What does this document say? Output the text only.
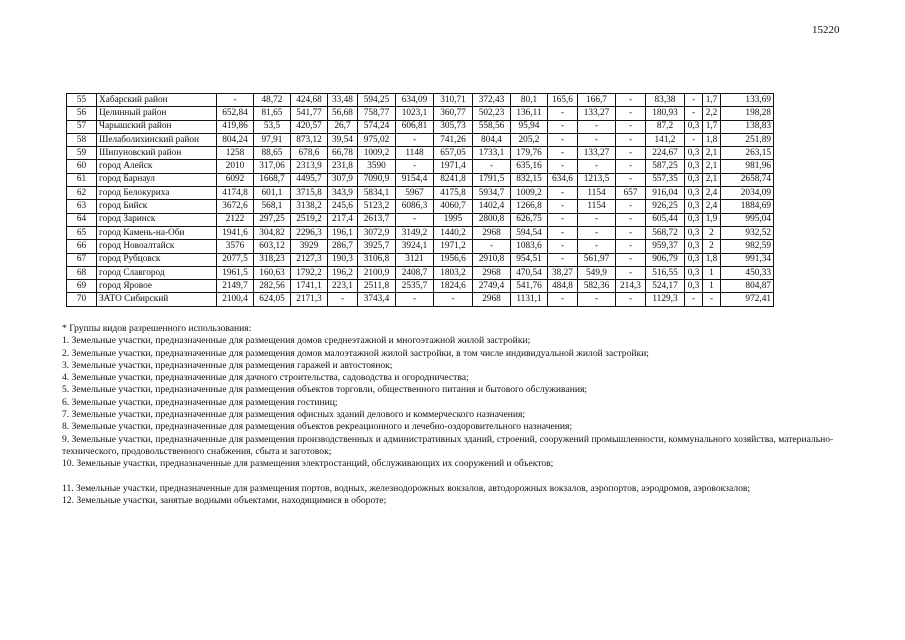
15220
55	Хабарский район	-	48,72	424,68	33,48	594,25	634,09	310,71	372,43	80,1	165,6	166,7	-	83,38	-	1,7	133,69
56	Целинный район	652,84	81,65	541,77	56,68	758,77	1023,1	360,77	502,23	136,11	-	133,27	-	180,93	-	2,2	198,28
57	Чарышский район	419,86	53,5	420,57	26,7	574,24	606,81	305,73	558,56	95,94	-	-	-	87,2	0,3	1,7	138,83
58	Шелаболихинский район	804,24	97,91	873,12	39,54	975,02	-	741,26	804,4	205,2	-	-	-	141,2	-	1,8	251,89
59	Шипуновский район	1258	88,65	678,6	66,78	1009,2	1148	657,05	1733,1	179,76	-	133,27	-	224,67	0,3	2,1	263,15
60	город Алейск	2010	317,06	2313,9	231,8	3590	-	1971,4	-	635,16	-	-	-	587,25	0,3	2,1	981,96
61	город Барнаул	6092	1668,7	4495,7	307,9	7090,9	9154,4	8241,8	1791,5	832,15	634,6	1213,5	-	557,35	0,3	2,1	2658,74
62	город Белокуриха	4174,8	601,1	3715,8	343,9	5834,1	5967	4175,8	5934,7	1009,2	-	1154	657	916,04	0,3	2,4	2034,09
63	город Бийск	3672,6	568,1	3138,2	245,6	5123,2	6086,3	4060,7	1402,4	1266,8	-	1154	-	926,25	0,3	2,4	1884,69
64	город Заринск	2122	297,25	2519,2	217,4	2613,7	-	1995	2800,8	626,75	-	-	-	605,44	0,3	1,9	995,04
65	город Камень-на-Оби	1941,6	304,82	2296,3	196,1	3072,9	3149,2	1440,2	2968	594,54	-	-	-	568,72	0,3	2	932,52
66	город Новоалтайск	3576	603,12	3929	286,7	3925,7	3924,1	1971,2	-	1083,6	-	-	-	959,37	0,3	2	982,59
67	город Рубцовск	2077,5	318,23	2127,3	190,3	3106,8	3121	1956,6	2910,8	954,51	-	561,97	-	906,79	0,3	1,8	991,34
68	город Славгород	1961,5	160,63	1792,2	196,2	2100,9	2408,7	1803,2	2968	470,54	38,27	549,9	-	516,55	0,3	1	450,33
69	город Яровое	2149,7	282,56	1741,1	223,1	2511,8	2535,7	1824,6	2749,4	541,76	484,8	582,36	214,3	524,17	0,3	1	804,87
70	ЗАТО Сибирский	2100,4	624,05	2171,3	-	3743,4	-	-	2968	1131,1	-	-	-	1129,3	-	-	972,41
* Группы видов разрешенного использования:
1. Земельные участки, предназначенные для размещения домов среднеэтажной и многоэтажной жилой застройки;
2. Земельные участки, предназначенные для размещения домов малоэтажной жилой застройки, в том числе индивидуальной жилой застройки;
3. Земельные участки, предназначенные для размещения гаражей и автостоянок;
4. Земельные участки, предназначенные для дачного строительства, садоводства и огородничества;
5. Земельные участки, предназначенные для размещения объектов торговли, общественного питания и бытового обслуживания;
6. Земельные участки, предназначенные для размещения гостиниц;
7. Земельные участки, предназначенные для размещения офисных зданий делового и коммерческого назначения;
8. Земельные участки, предназначенные для размещения объектов рекреационного и лечебно-оздоровительного назначения;
9. Земельные участки, предназначенные для размещения производственных и административных зданий, строений, сооружений промышленности, коммунального хозяйства, материально-технического, продовольственного снабжения, сбыта и заготовок;
10. Земельные участки, предназначенные для размещения электростанций, обслуживающих их сооружений и объектов;
11. Земельные участки, предназначенные для размещения портов, водных, железнодорожных вокзалов, автодорожных вокзалов, аэропортов, аэродромов, аэровокзалов;
12. Земельные участки, занятые водными объектами, находящимися в обороте;
